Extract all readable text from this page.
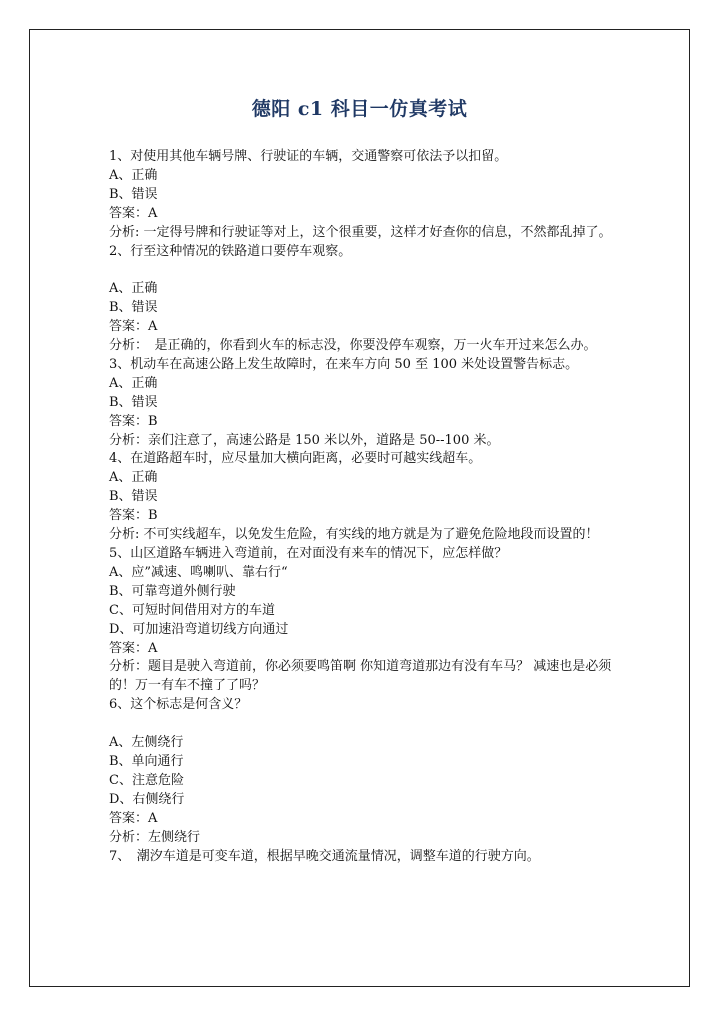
德阳 c1 科目一仿真考试
1、对使用其他车辆号牌、行驶证的车辆，交通警察可依法予以扣留。
A、正确
B、错误
答案：A
分析: 一定得号牌和行驶证等对上，这个很重要，这样才好查你的信息，不然都乱掉了。
2、行至这种情况的铁路道口要停车观察。
A、正确
B、错误
答案：A
分析：　是正确的，你看到火车的标志没，你要没停车观察，万一火车开过来怎么办。
3、机动车在高速公路上发生故障时，在来车方向 50 至 100 米处设置警告标志。
A、正确
B、错误
答案：B
分析：亲们注意了，高速公路是 150 米以外，道路是 50--100 米。
4、在道路超车时，应尽量加大横向距离，必要时可越实线超车。
A、正确
B、错误
答案：B
分析: 不可实线超车，以免发生危险，有实线的地方就是为了避免危险地段而设置的！
5、山区道路车辆进入弯道前，在对面没有来车的情况下，应怎样做？
A、应”减速、鸣喇叭、靠右行“
B、可靠弯道外侧行驶
C、可短时间借用对方的车道
D、可加速沿弯道切线方向通过
答案：A
分析：题目是驶入弯道前，你必须要鸣笛啊 你知道弯道那边有没有车马？ 减速也是必须的！万一有车不撞了了吗？
6、这个标志是何含义？
A、左侧绕行
B、单向通行
C、注意危险
D、右侧绕行
答案：A
分析：左侧绕行
7、　潮汐车道是可变车道，根据早晚交通流量情况，调整车道的行驶方向。
